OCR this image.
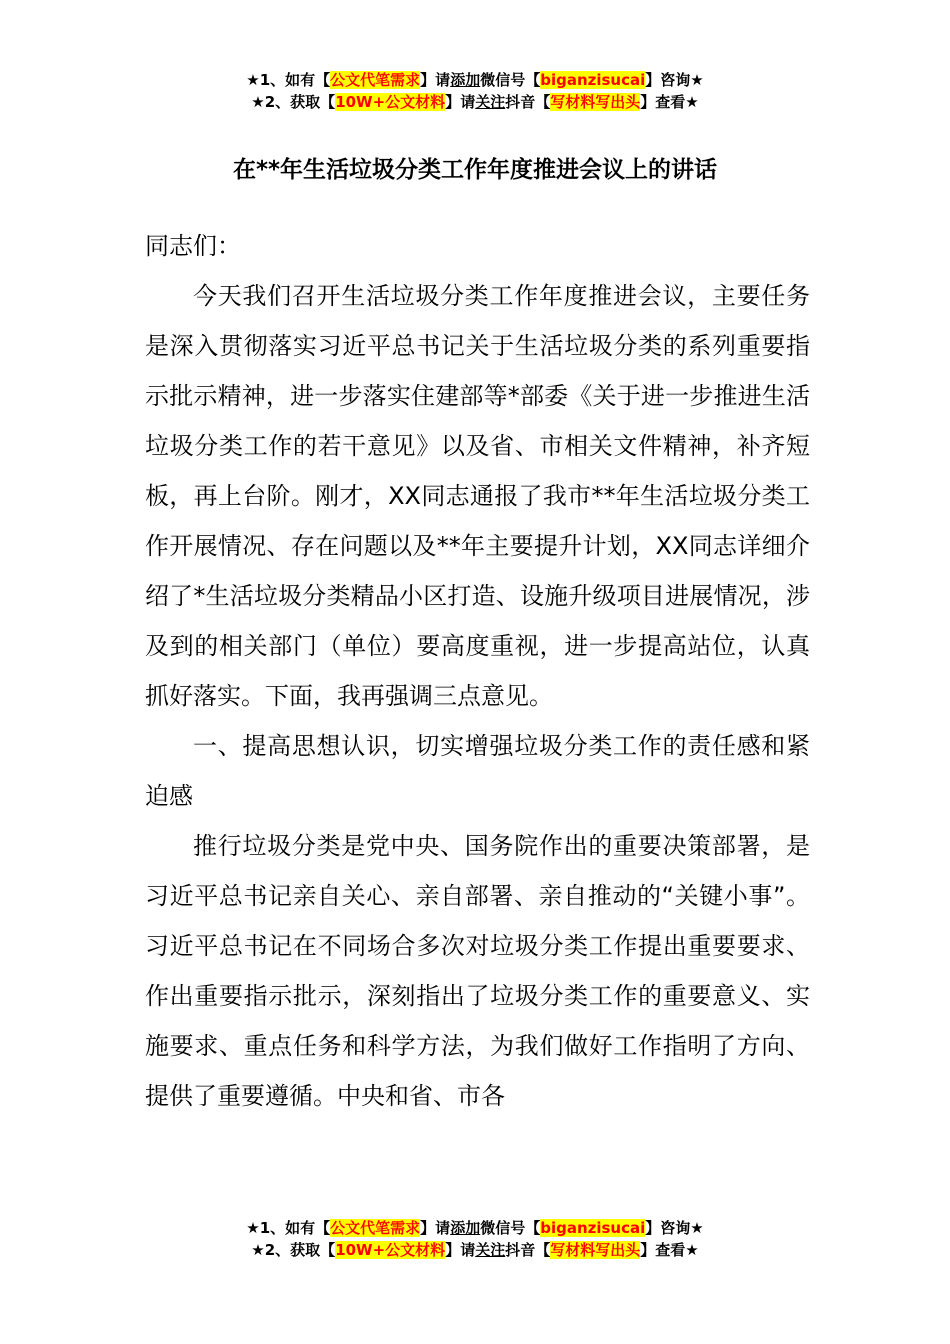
★1、如有【公文代笔需求】请添加微信号【biganzisucai】咨询★
★2、获取【10W+公文材料】请关注抖音【写材料写出头】查看★
在**年生活垃圾分类工作年度推进会议上的讲话

同志们：

今天我们召开生活垃圾分类工作年度推进会议，主要任务是深入贯彻落实习近平总书记关于生活垃圾分类的系列重要指示批示精神，进一步落实住建部等*部委《关于进一步推进生活垃圾分类工作的若干意见》以及省、市相关文件精神，补齐短板，再上台阶。刚才，XX同志通报了我市**年生活垃圾分类工作开展情况、存在问题以及**年主要提升计划，XX同志详细介绍了*生活垃圾分类精品小区打造、设施升级项目进展情况，涉及到的相关部门（单位）要高度重视，进一步提高站位，认真抓好落实。下面，我再强调三点意见。

一、提高思想认识，切实增强垃圾分类工作的责任感和紧迫感

推行垃圾分类是党中央、国务院作出的重要决策部署，是习近平总书记亲自关心、亲自部署、亲自推动的“关键小事”。习近平总书记在不同场合多次对垃圾分类工作提出重要要求、作出重要指示批示，深刻指出了垃圾分类工作的重要意义、实施要求、重点任务和科学方法，为我们做好工作指明了方向、提供了重要遵循。中央和省、市各

★1、如有【公文代笔需求】请添加微信号【biganzisucai】咨询★
★2、获取【10W+公文材料】请关注抖音【写材料写出头】查看★
